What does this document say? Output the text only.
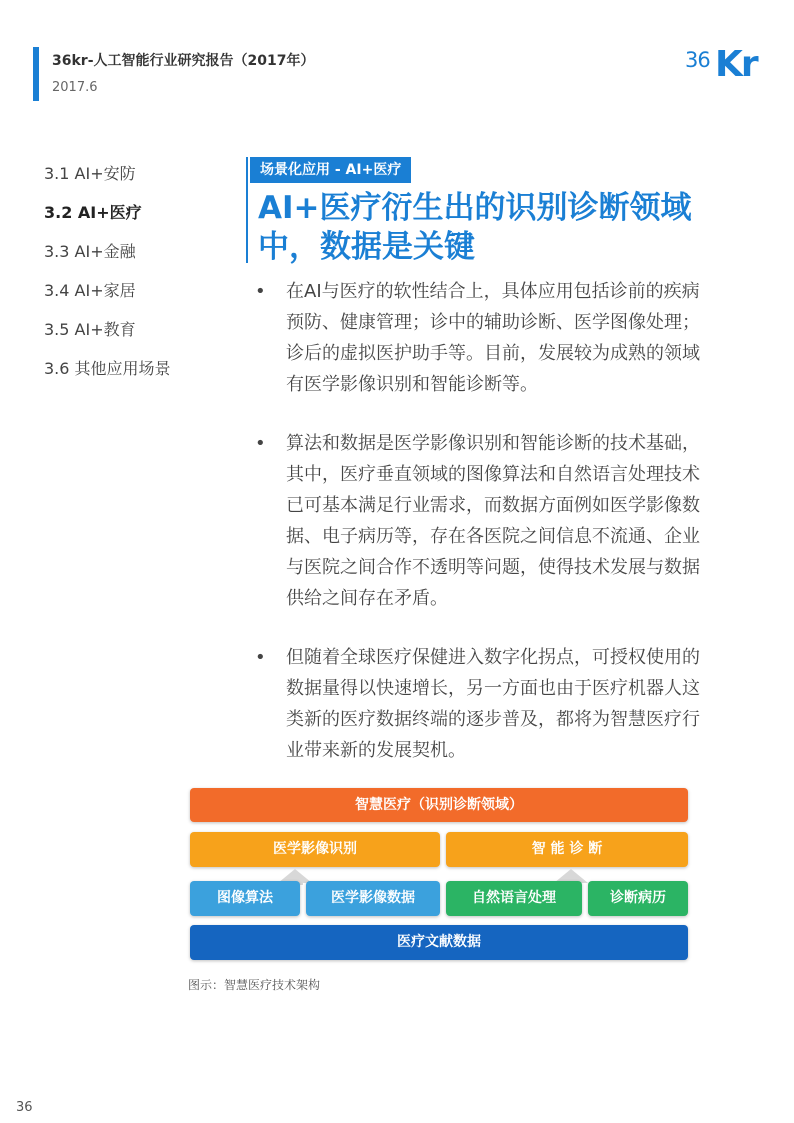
36kr-人工智能行业研究报告（2017年）
2017.6
36 Kr
3.1 AI+安防
3.2 AI+医疗
3.3 AI+金融
3.4 AI+家居
3.5 AI+教育
3.6 其他应用场景
场景化应用 - AI+医疗
AI+医疗衍生出的识别诊断领域中，数据是关键
• 在AI与医疗的软性结合上，具体应用包括诊前的疾病预防、健康管理；诊中的辅助诊断、医学图像处理；诊后的虚拟医护助手等。目前，发展较为成熟的领域有医学影像识别和智能诊断等。
• 算法和数据是医学影像识别和智能诊断的技术基础，其中，医疗垂直领域的图像算法和自然语言处理技术已可基本满足行业需求，而数据方面例如医学影像数据、电子病历等，存在各医院之间信息不流通、企业与医院之间合作不透明等问题，使得技术发展与数据供给之间存在矛盾。
• 但随着全球医疗保健进入数字化拐点，可授权使用的数据量得以快速增长，另一方面也由于医疗机器人这类新的医疗数据终端的逐步普及，都将为智慧医疗行业带来新的发展契机。
智慧医疗（识别诊断领域）
医学影像识别	智 能 诊 断
图像算法	医学影像数据	自然语言处理	诊断病历
医疗文献数据
图示：智慧医疗技术架构
36
